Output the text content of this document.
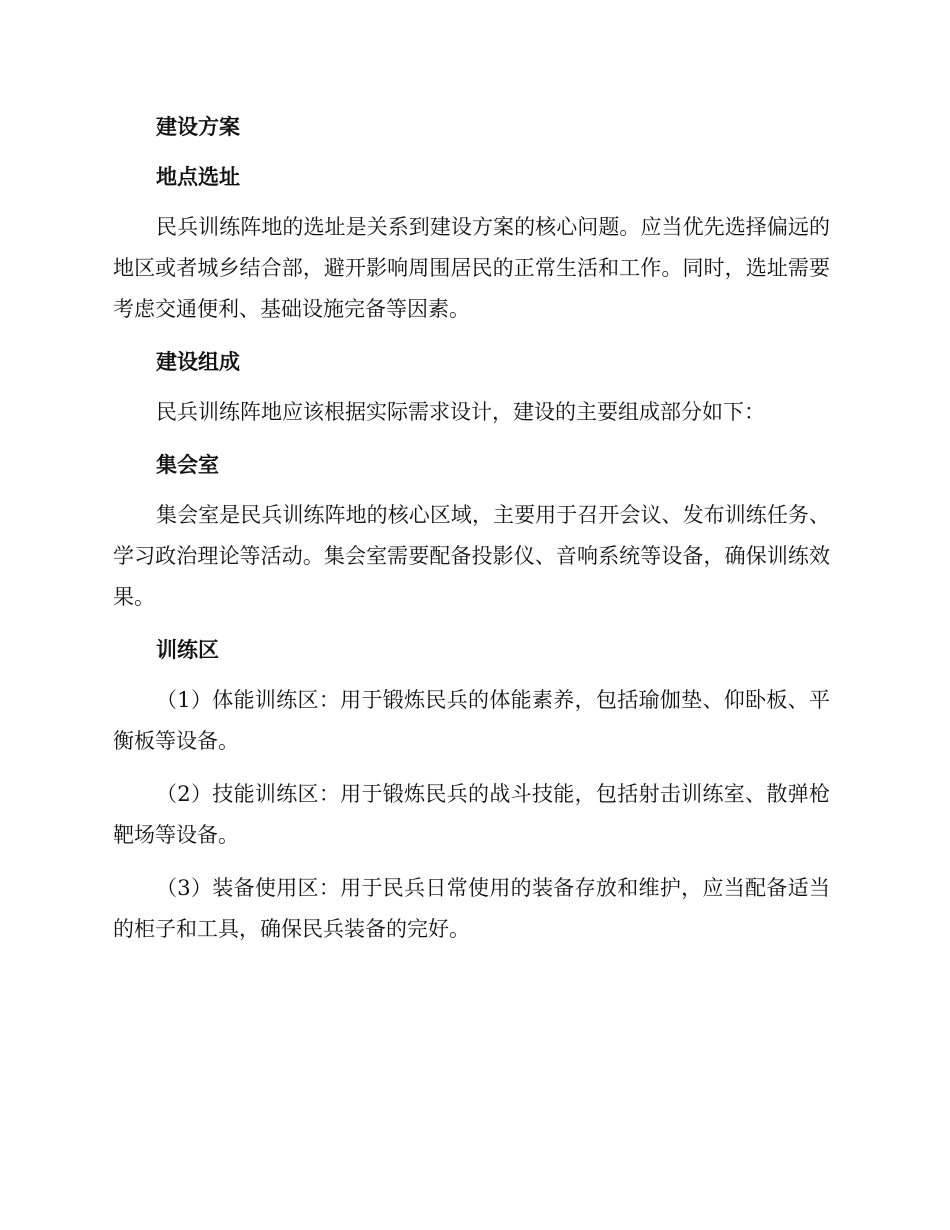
建设方案
地点选址

民兵训练阵地的选址是关系到建设方案的核心问题。应当优先选择偏远的地区或者城乡结合部，避开影响周围居民的正常生活和工作。同时，选址需要考虑交通便利、基础设施完备等因素。

建设组成

民兵训练阵地应该根据实际需求设计，建设的主要组成部分如下：

集会室

集会室是民兵训练阵地的核心区域，主要用于召开会议、发布训练任务、学习政治理论等活动。集会室需要配备投影仪、音响系统等设备，确保训练效果。

训练区

（1）体能训练区：用于锻炼民兵的体能素养，包括瑜伽垫、仰卧板、平衡板等设备。

（2）技能训练区：用于锻炼民兵的战斗技能，包括射击训练室、散弹枪靶场等设备。

（3）装备使用区：用于民兵日常使用的装备存放和维护，应当配备适当的柜子和工具，确保民兵装备的完好。
